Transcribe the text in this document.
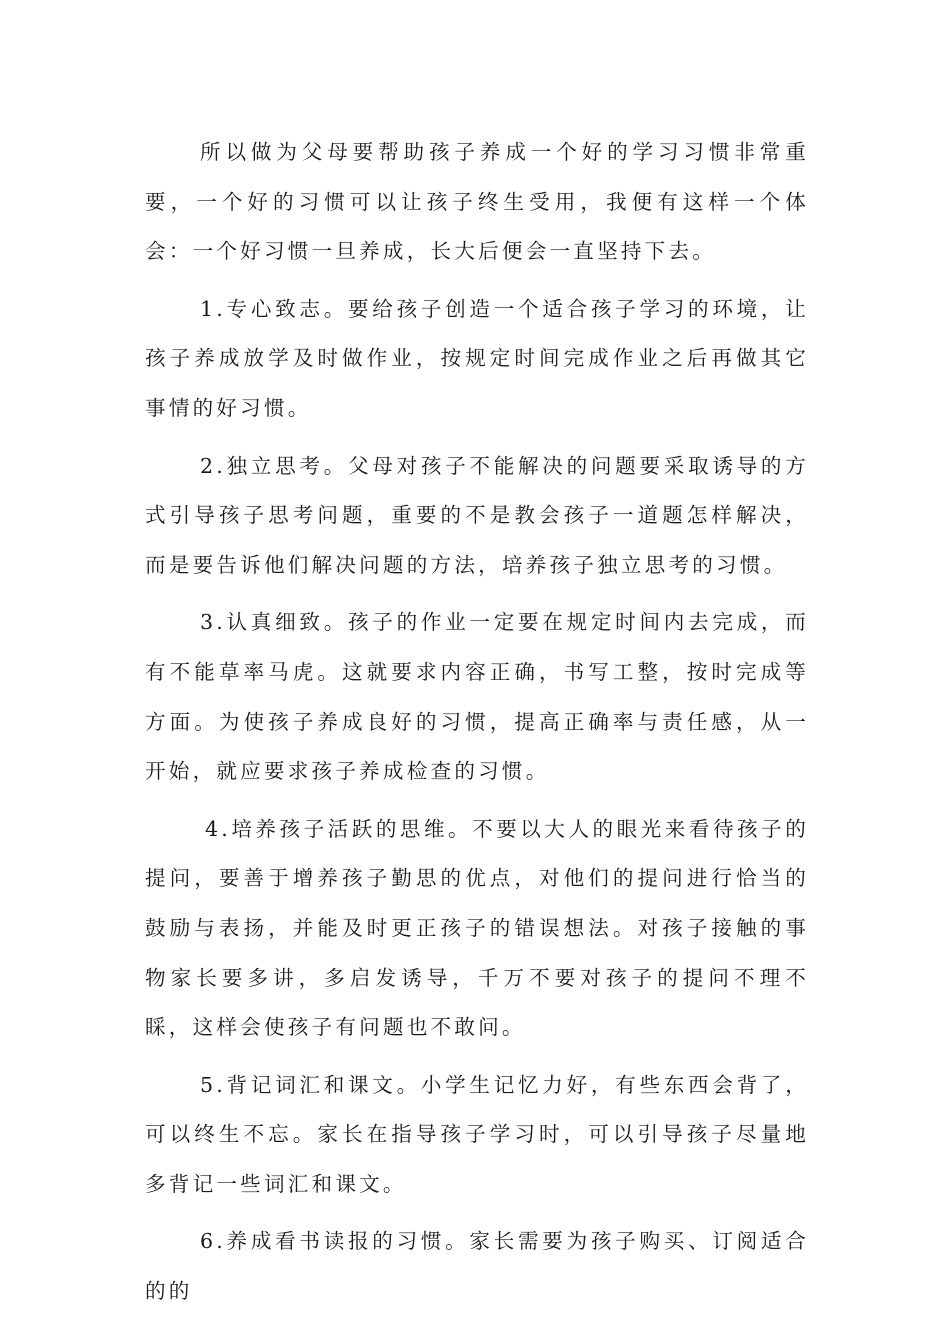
所以做为父母要帮助孩子养成一个好的学习习惯非常重要，一个好的习惯可以让孩子终生受用，我便有这样一个体会：一个好习惯一旦养成，长大后便会一直坚持下去。

1.专心致志。要给孩子创造一个适合孩子学习的环境，让孩子养成放学及时做作业，按规定时间完成作业之后再做其它事情的好习惯。

2.独立思考。父母对孩子不能解决的问题要采取诱导的方式引导孩子思考问题，重要的不是教会孩子一道题怎样解决，而是要告诉他们解决问题的方法，培养孩子独立思考的习惯。

3.认真细致。孩子的作业一定要在规定时间内去完成，而有不能草率马虎。这就要求内容正确，书写工整，按时完成等方面。为使孩子养成良好的习惯，提高正确率与责任感，从一开始，就应要求孩子养成检查的习惯。

4.培养孩子活跃的思维。不要以大人的眼光来看待孩子的提问，要善于增养孩子勤思的优点，对他们的提问进行恰当的鼓励与表扬，并能及时更正孩子的错误想法。对孩子接触的事物家长要多讲，多启发诱导，千万不要对孩子的提问不理不睬，这样会使孩子有问题也不敢问。

5.背记词汇和课文。小学生记忆力好，有些东西会背了，可以终生不忘。家长在指导孩子学习时，可以引导孩子尽量地多背记一些词汇和课文。

6.养成看书读报的习惯。家长需要为孩子购买、订阅适合的的
